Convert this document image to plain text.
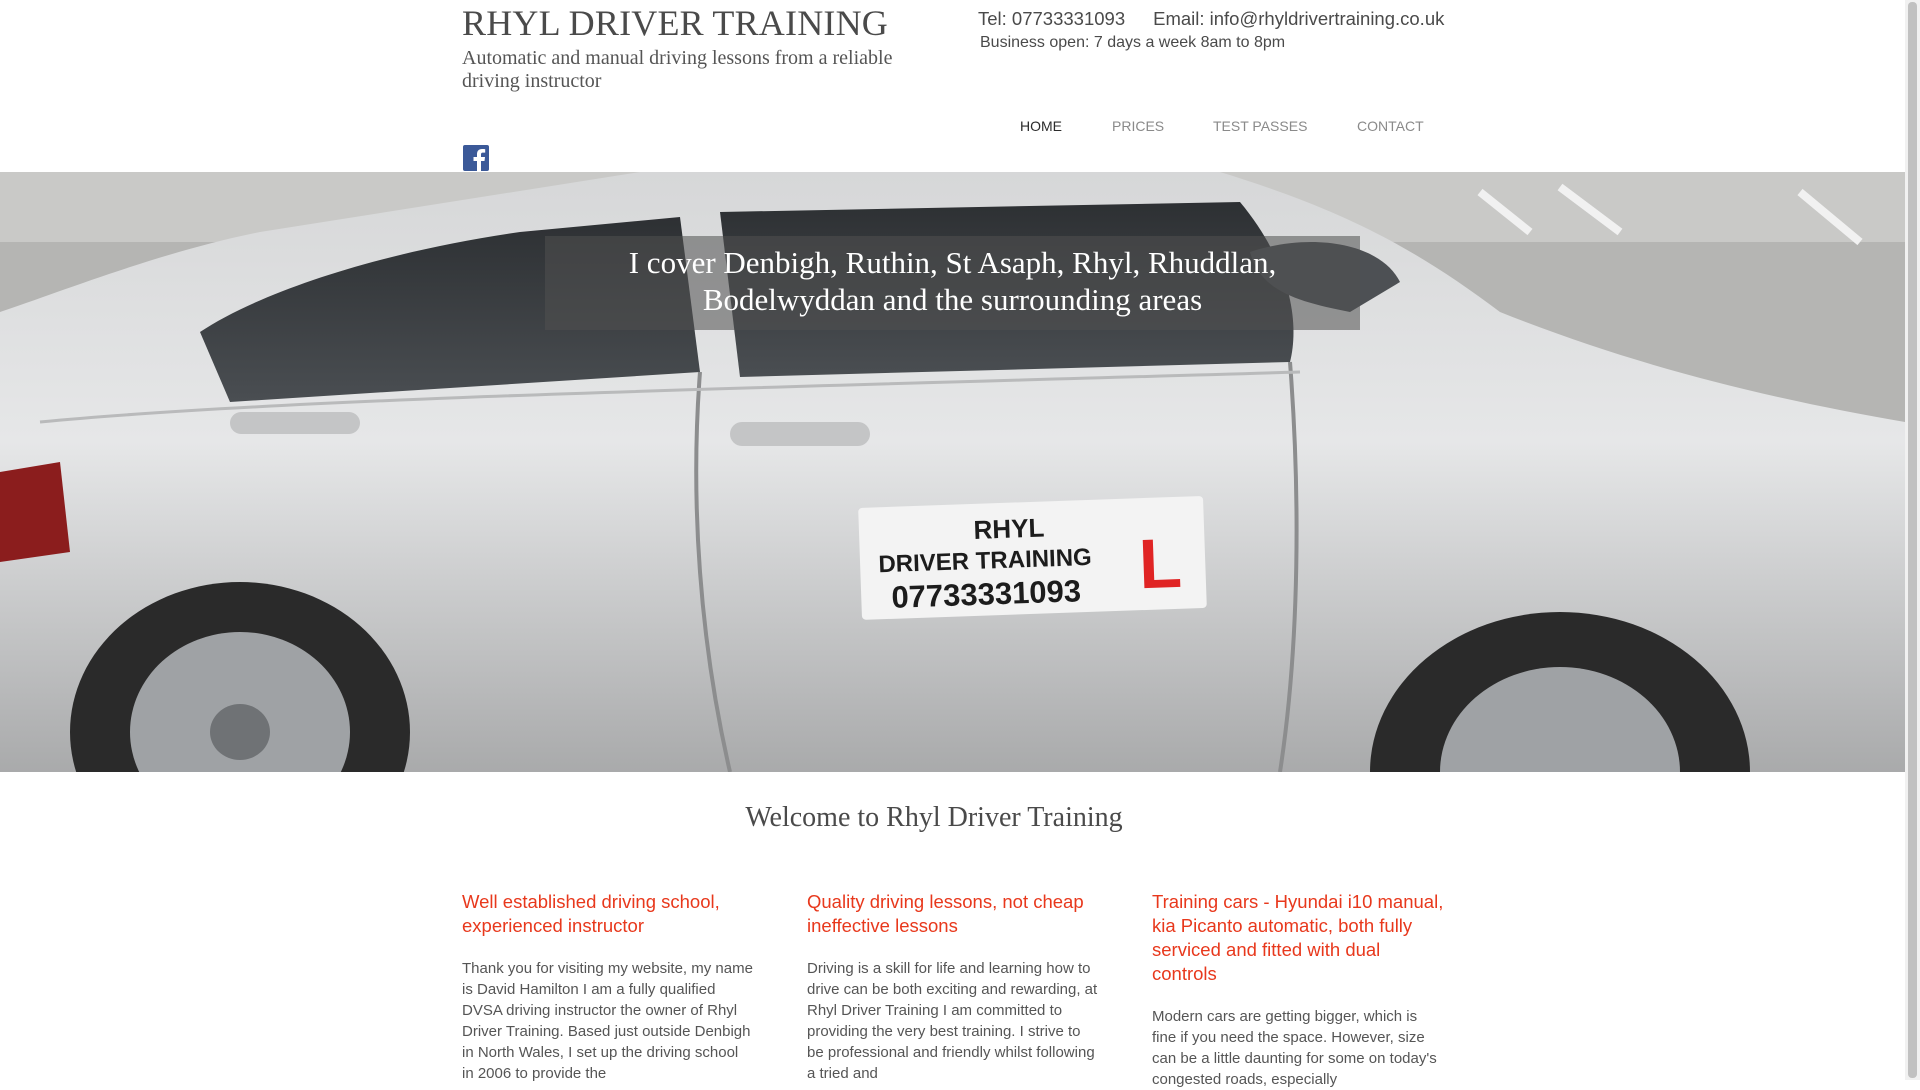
RHYL DRIVER TRAINING

Automatic and manual driving lessons from a reliable driving instructor

Tel: 07733331093 Email: info@rhyldrivertraining.co.uk
Business open: 7 days a week 8am to 8pm
HOME	PRICES	TEST PASSES	CONTACT
RHYL
DRIVER TRAINING
07733331093 L

I cover Denbigh, Ruthin, St Asaph, Rhyl, Rhuddlan, Bodelwyddan and the surrounding areas

Welcome to Rhyl Driver Training
Well established driving school, experienced instructor

Thank you for visiting my website, my name is David Hamilton I am a fully qualified DVSA driving instructor the owner of Rhyl Driver Training. Based just outside Denbigh in North Wales, I set up the driving school in 2006 to provide the

Quality driving lessons, not cheap ineffective lessons

Driving is a skill for life and learning how to drive can be both exciting and rewarding, at Rhyl Driver Training I am committed to providing the very best training. I strive to be professional and friendly whilst following a tried and

Training cars - Hyundai i10 manual, kia Picanto automatic, both fully serviced and fitted with dual controls

Modern cars are getting bigger, which is fine if you need the space. However, size can be a little daunting for some on today's congested roads, especially
